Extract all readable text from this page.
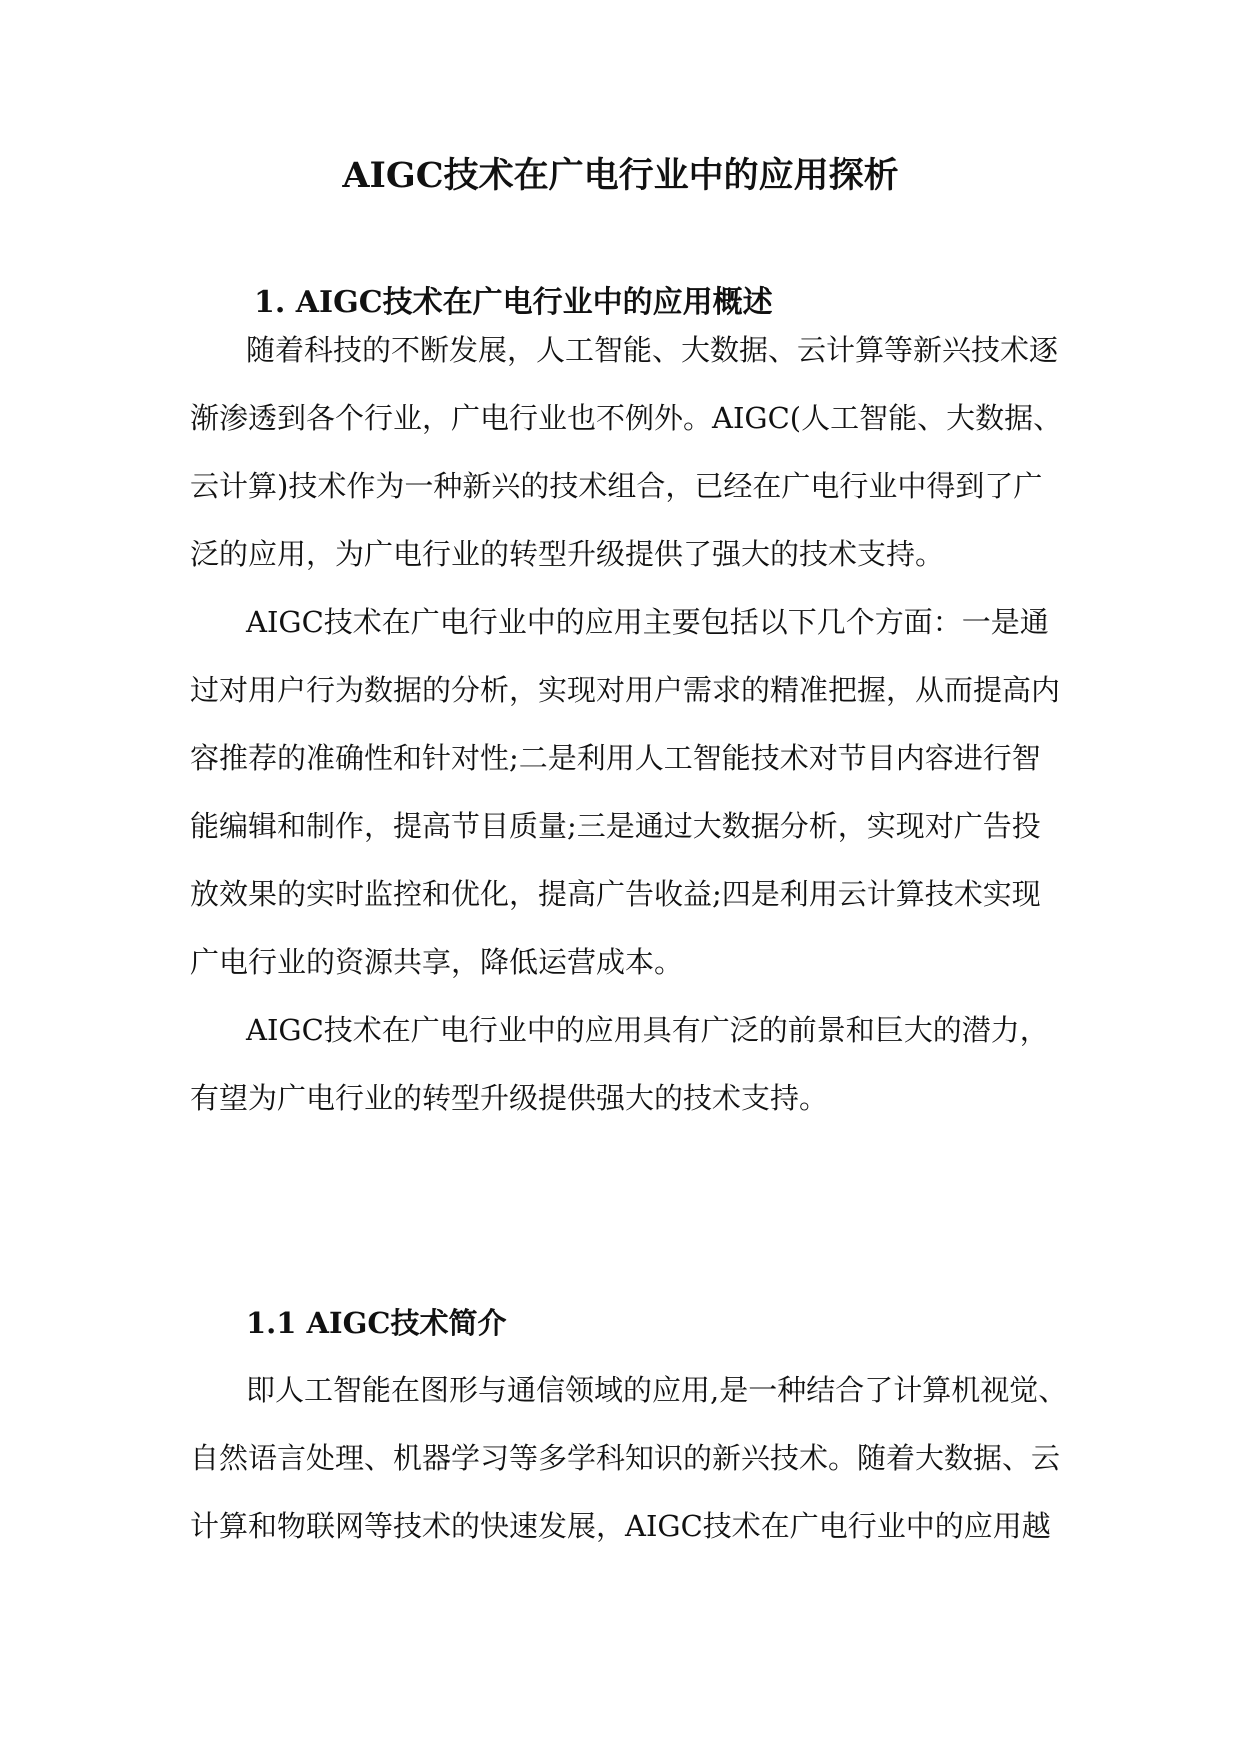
AIGC技术在广电行业中的应用探析
1. AIGC技术在广电行业中的应用概述
随着科技的不断发展，人工智能、大数据、云计算等新兴技术逐
渐渗透到各个行业，广电行业也不例外。AIGC(人工智能、大数据、
云计算)技术作为一种新兴的技术组合，已经在广电行业中得到了广
泛的应用，为广电行业的转型升级提供了强大的技术支持。
AIGC技术在广电行业中的应用主要包括以下几个方面：一是通
过对用户行为数据的分析，实现对用户需求的精准把握，从而提高内
容推荐的准确性和针对性;二是利用人工智能技术对节目内容进行智
能编辑和制作，提高节目质量;三是通过大数据分析，实现对广告投
放效果的实时监控和优化，提高广告收益;四是利用云计算技术实现
广电行业的资源共享，降低运营成本。
AIGC技术在广电行业中的应用具有广泛的前景和巨大的潜力，
有望为广电行业的转型升级提供强大的技术支持。
1.1 AIGC技术简介
即人工智能在图形与通信领域的应用,是一种结合了计算机视觉、
自然语言处理、机器学习等多学科知识的新兴技术。随着大数据、云
计算和物联网等技术的快速发展，AIGC技术在广电行业中的应用越
